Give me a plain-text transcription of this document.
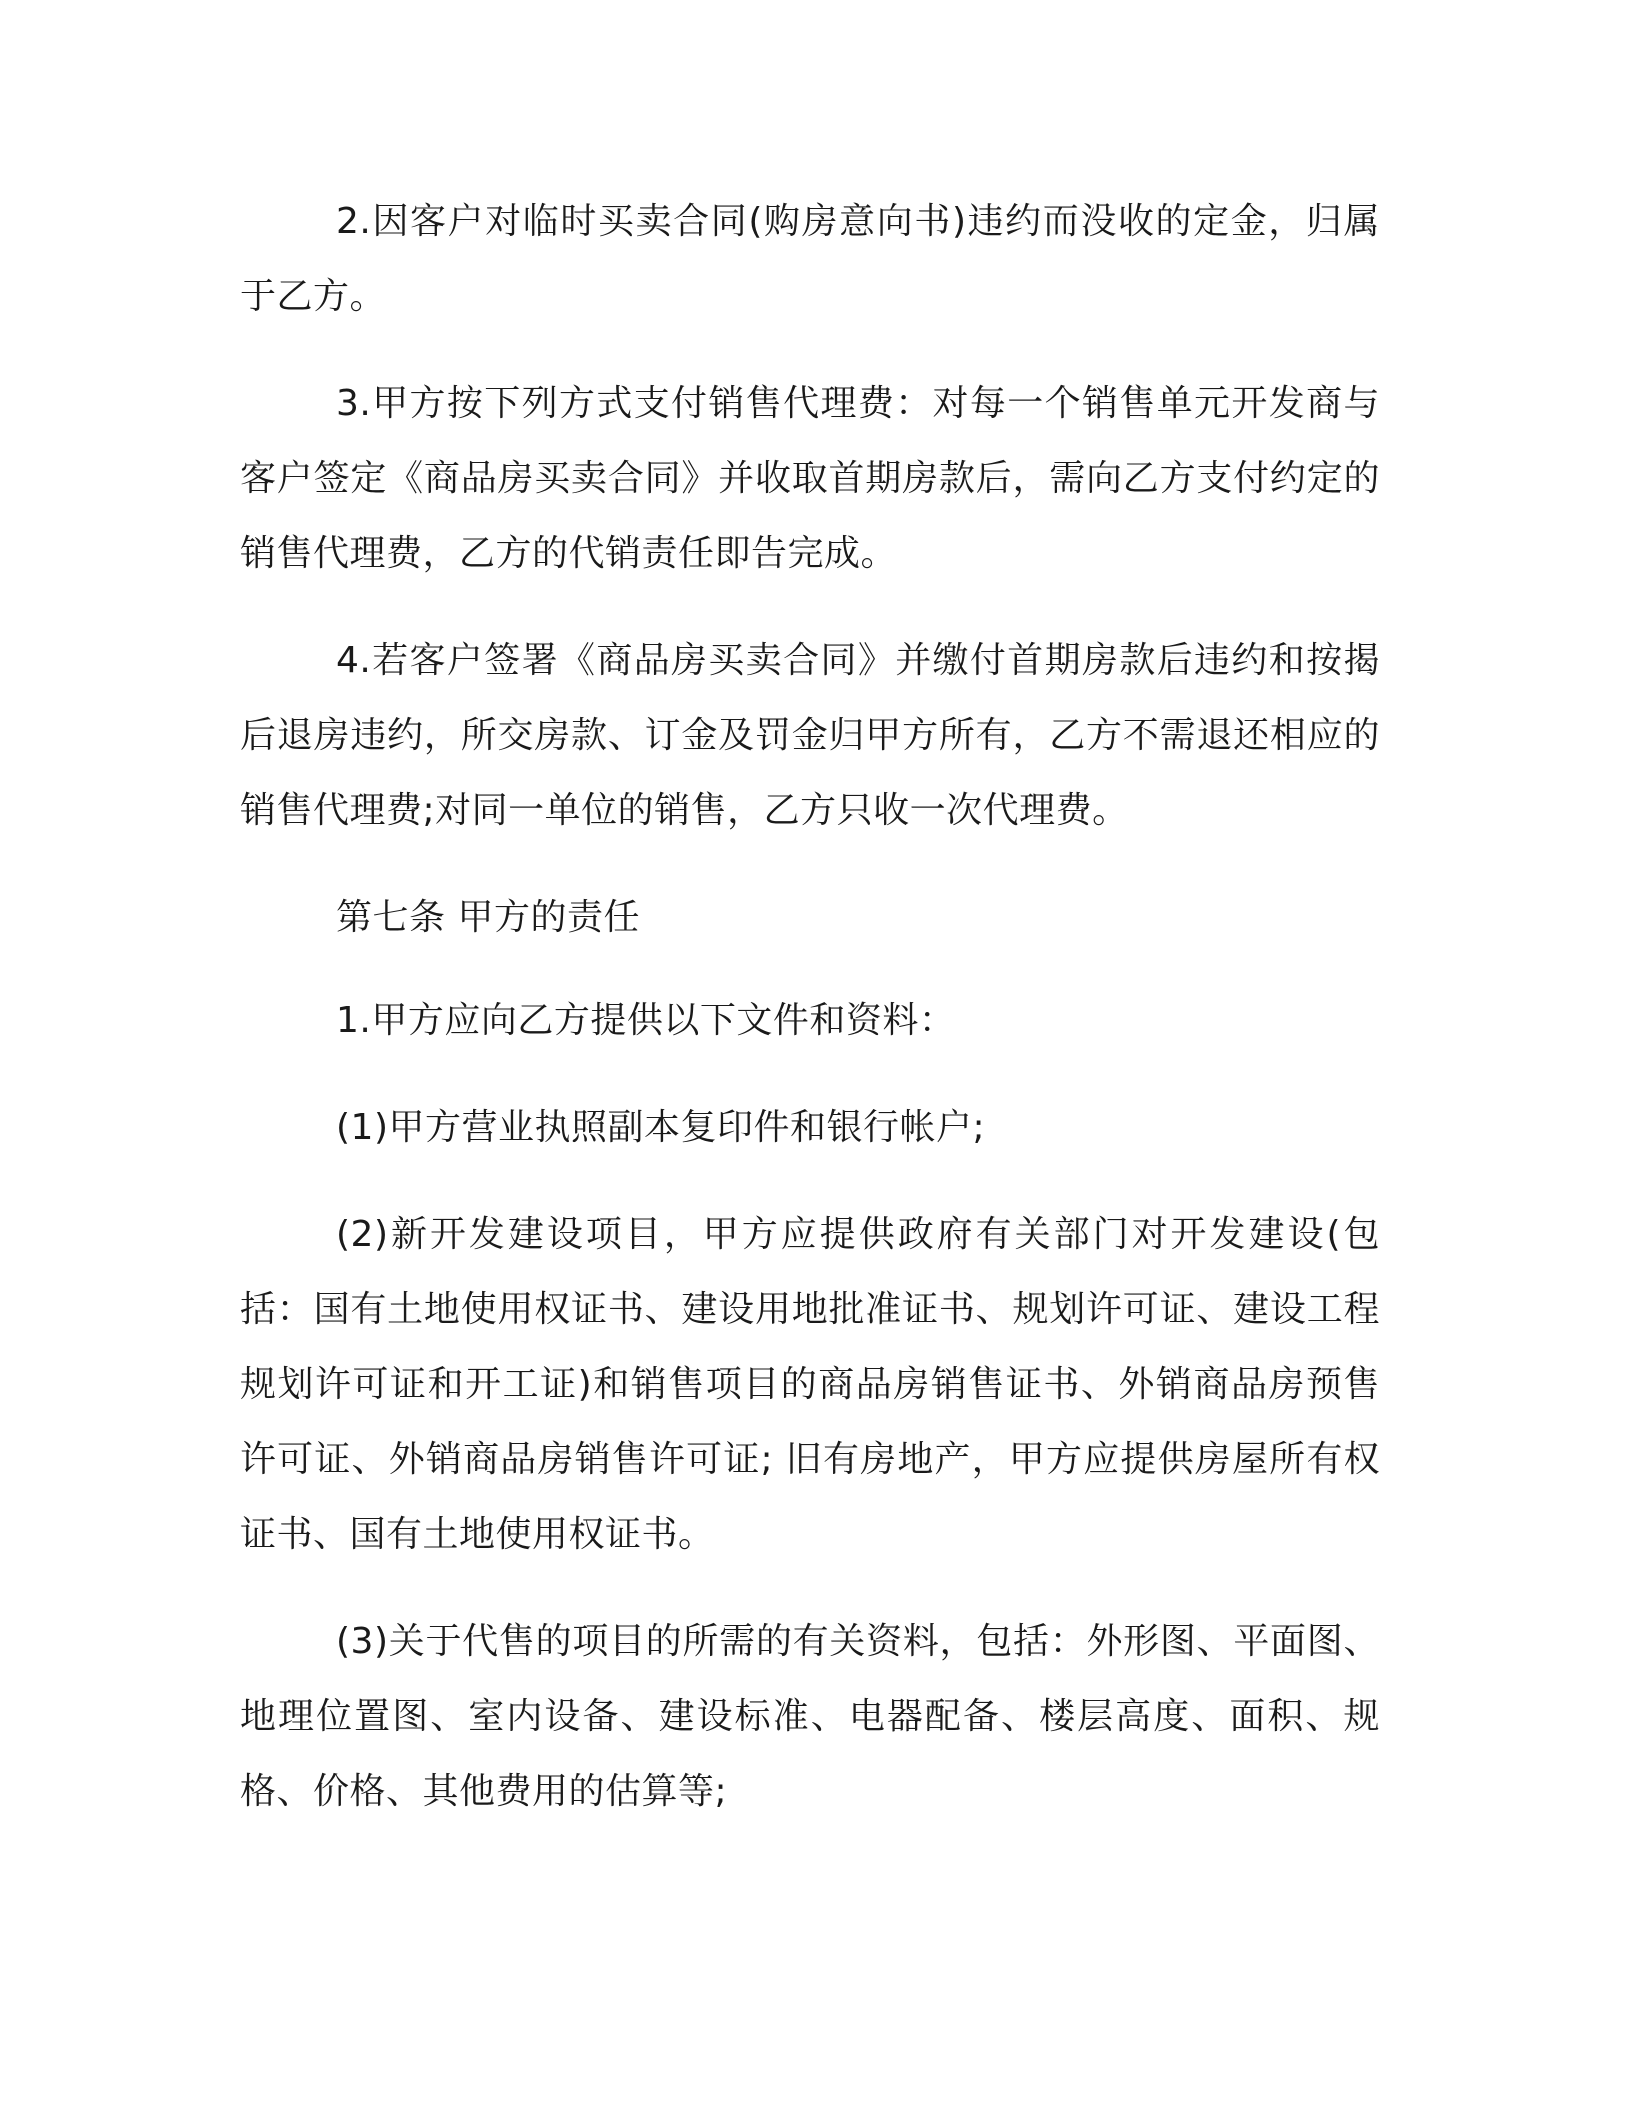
2.因客户对临时买卖合同(购房意向书)违约而没收的定金，归属于乙方。

3.甲方按下列方式支付销售代理费：对每一个销售单元开发商与客户签定《商品房买卖合同》并收取首期房款后，需向乙方支付约定的销售代理费，乙方的代销责任即告完成。

4.若客户签署《商品房买卖合同》并缴付首期房款后违约和按揭后退房违约，所交房款、订金及罚金归甲方所有，乙方不需退还相应的销售代理费;对同一单位的销售，乙方只收一次代理费。

第七条 甲方的责任

1.甲方应向乙方提供以下文件和资料：

(1)甲方营业执照副本复印件和银行帐户;

(2)新开发建设项目，甲方应提供政府有关部门对开发建设(包括：国有土地使用权证书、建设用地批准证书、规划许可证、建设工程规划许可证和开工证)和销售项目的商品房销售证书、外销商品房预售许可证、外销商品房销售许可证; 旧有房地产，甲方应提供房屋所有权证书、国有土地使用权证书。

(3)关于代售的项目的所需的有关资料，包括：外形图、平面图、地理位置图、室内设备、建设标准、电器配备、楼层高度、面积、规格、价格、其他费用的估算等;
